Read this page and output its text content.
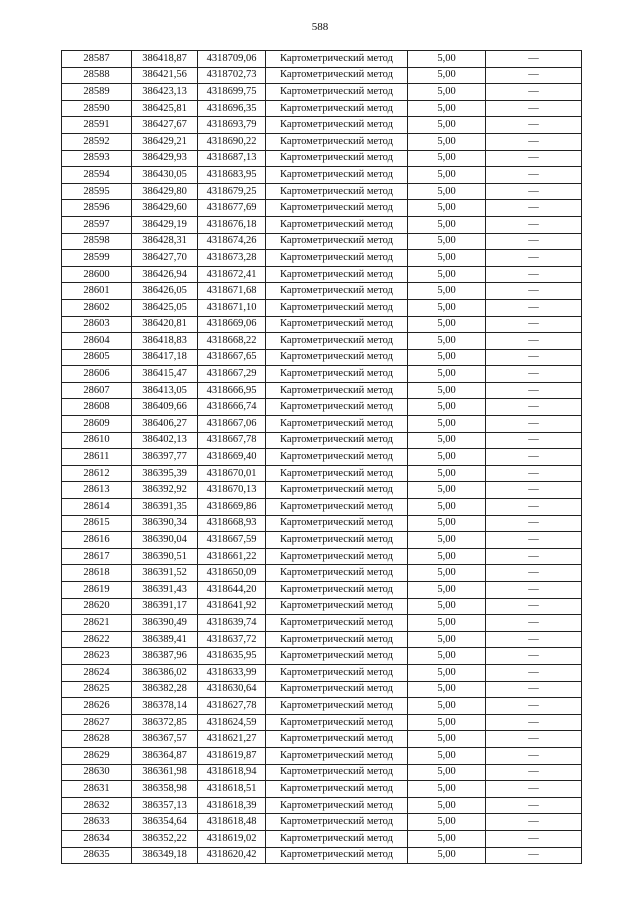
588
28587	386418,87	4318709,06	Картометрический метод	5,00	—
28588	386421,56	4318702,73	Картометрический метод	5,00	—
28589	386423,13	4318699,75	Картометрический метод	5,00	—
28590	386425,81	4318696,35	Картометрический метод	5,00	—
28591	386427,67	4318693,79	Картометрический метод	5,00	—
28592	386429,21	4318690,22	Картометрический метод	5,00	—
28593	386429,93	4318687,13	Картометрический метод	5,00	—
28594	386430,05	4318683,95	Картометрический метод	5,00	—
28595	386429,80	4318679,25	Картометрический метод	5,00	—
28596	386429,60	4318677,69	Картометрический метод	5,00	—
28597	386429,19	4318676,18	Картометрический метод	5,00	—
28598	386428,31	4318674,26	Картометрический метод	5,00	—
28599	386427,70	4318673,28	Картометрический метод	5,00	—
28600	386426,94	4318672,41	Картометрический метод	5,00	—
28601	386426,05	4318671,68	Картометрический метод	5,00	—
28602	386425,05	4318671,10	Картометрический метод	5,00	—
28603	386420,81	4318669,06	Картометрический метод	5,00	—
28604	386418,83	4318668,22	Картометрический метод	5,00	—
28605	386417,18	4318667,65	Картометрический метод	5,00	—
28606	386415,47	4318667,29	Картометрический метод	5,00	—
28607	386413,05	4318666,95	Картометрический метод	5,00	—
28608	386409,66	4318666,74	Картометрический метод	5,00	—
28609	386406,27	4318667,06	Картометрический метод	5,00	—
28610	386402,13	4318667,78	Картометрический метод	5,00	—
28611	386397,77	4318669,40	Картометрический метод	5,00	—
28612	386395,39	4318670,01	Картометрический метод	5,00	—
28613	386392,92	4318670,13	Картометрический метод	5,00	—
28614	386391,35	4318669,86	Картометрический метод	5,00	—
28615	386390,34	4318668,93	Картометрический метод	5,00	—
28616	386390,04	4318667,59	Картометрический метод	5,00	—
28617	386390,51	4318661,22	Картометрический метод	5,00	—
28618	386391,52	4318650,09	Картометрический метод	5,00	—
28619	386391,43	4318644,20	Картометрический метод	5,00	—
28620	386391,17	4318641,92	Картометрический метод	5,00	—
28621	386390,49	4318639,74	Картометрический метод	5,00	—
28622	386389,41	4318637,72	Картометрический метод	5,00	—
28623	386387,96	4318635,95	Картометрический метод	5,00	—
28624	386386,02	4318633,99	Картометрический метод	5,00	—
28625	386382,28	4318630,64	Картометрический метод	5,00	—
28626	386378,14	4318627,78	Картометрический метод	5,00	—
28627	386372,85	4318624,59	Картометрический метод	5,00	—
28628	386367,57	4318621,27	Картометрический метод	5,00	—
28629	386364,87	4318619,87	Картометрический метод	5,00	—
28630	386361,98	4318618,94	Картометрический метод	5,00	—
28631	386358,98	4318618,51	Картометрический метод	5,00	—
28632	386357,13	4318618,39	Картометрический метод	5,00	—
28633	386354,64	4318618,48	Картометрический метод	5,00	—
28634	386352,22	4318619,02	Картометрический метод	5,00	—
28635	386349,18	4318620,42	Картометрический метод	5,00	—
